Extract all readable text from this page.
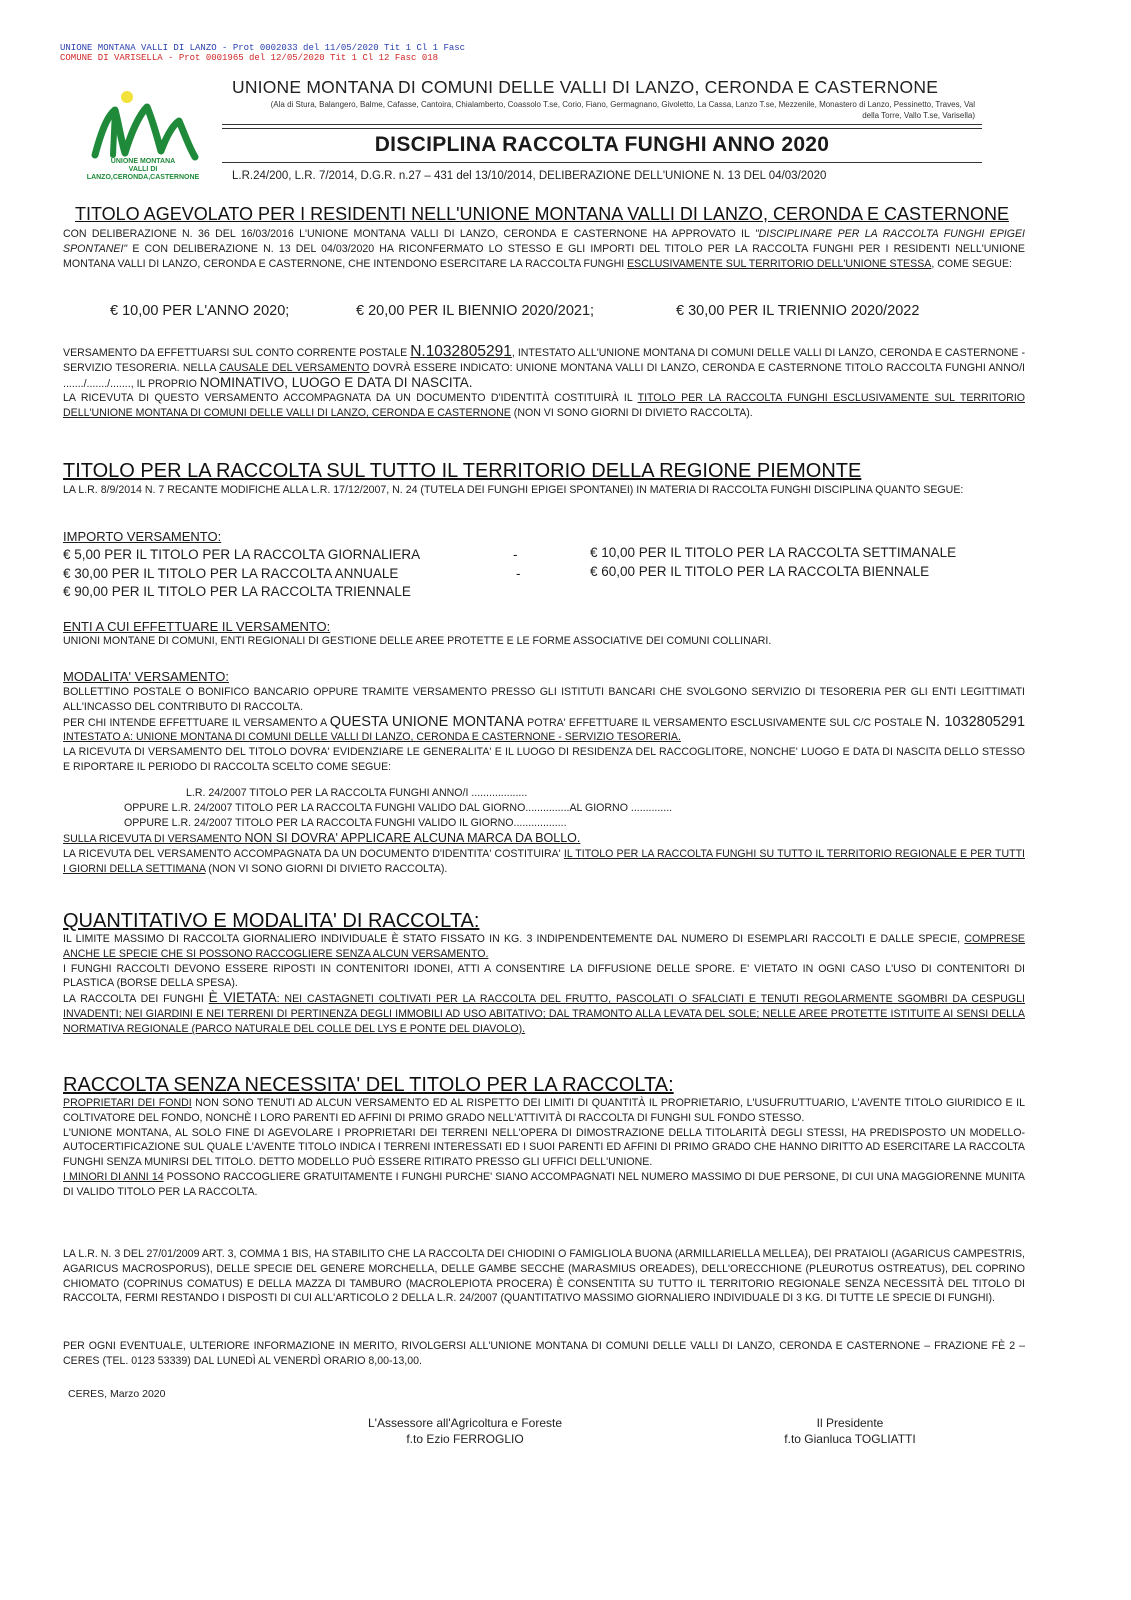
UNIONE MONTANA VALLI DI LANZO - Prot 0002033 del 11/05/2020 Tit 1 Cl 1 Fasc
COMUNE DI VARISELLA - Prot 0001965 del 12/05/2020 Tit 1 Cl 12 Fasc 018
UNIONE MONTANA
VALLI DI LANZO,CERONDA,CASTERNONE
UNIONE MONTANA DI COMUNI DELLE VALLI DI LANZO, CERONDA E CASTERNONE
(Ala di Stura, Balangero, Balme, Cafasse, Cantoira, Chialamberto, Coassolo T.se, Corio, Fiano, Germagnano, Givoletto, La Cassa, Lanzo T.se, Mezzenile, Monastero di Lanzo, Pessinetto, Traves, Val della Torre, Vallo T.se, Varisella)
DISCIPLINA RACCOLTA FUNGHI ANNO 2020
L.R.24/200, L.R. 7/2014, D.G.R. n.27 – 431 del 13/10/2014, DELIBERAZIONE DELL'UNIONE N. 13 DEL 04/03/2020
TITOLO AGEVOLATO PER I RESIDENTI NELL'UNIONE MONTANA VALLI DI LANZO, CERONDA E CASTERNONE
CON DELIBERAZIONE N. 36 DEL 16/03/2016 L'UNIONE MONTANA VALLI DI LANZO, CERONDA E CASTERNONE HA APPROVATO IL "DISCIPLINARE PER LA RACCOLTA FUNGHI EPIGEI SPONTANEI" E CON DELIBERAZIONE N. 13 DEL 04/03/2020 HA RICONFERMATO LO STESSO E GLI IMPORTI DEL TITOLO PER LA RACCOLTA FUNGHI PER I RESIDENTI NELL'UNIONE MONTANA VALLI DI LANZO, CERONDA E CASTERNONE, CHE INTENDONO ESERCITARE LA RACCOLTA FUNGHI ESCLUSIVAMENTE SUL TERRITORIO DELL'UNIONE STESSA, COME SEGUE:
€ 10,00 PER L'ANNO 2020;	€ 20,00 PER IL BIENNIO 2020/2021;	€ 30,00 PER IL TRIENNIO 2020/2022
VERSAMENTO DA EFFETTUARSI SUL CONTO CORRENTE POSTALE N.1032805291, INTESTATO ALL'UNIONE MONTANA DI COMUNI DELLE VALLI DI LANZO, CERONDA E CASTERNONE - SERVIZIO TESORERIA. NELLA CAUSALE DEL VERSAMENTO DOVRÀ ESSERE INDICATO: UNIONE MONTANA VALLI DI LANZO, CERONDA E CASTERNONE TITOLO RACCOLTA FUNGHI ANNO/I ......./......./......., IL PROPRIO NOMINATIVO, LUOGO E DATA DI NASCITA.
LA RICEVUTA DI QUESTO VERSAMENTO ACCOMPAGNATA DA UN DOCUMENTO D'IDENTITÀ COSTITUIRÀ IL TITOLO PER LA RACCOLTA FUNGHI ESCLUSIVAMENTE SUL TERRITORIO DELL'UNIONE MONTANA DI COMUNI DELLE VALLI DI LANZO, CERONDA E CASTERNONE (NON VI SONO GIORNI DI DIVIETO RACCOLTA).
TITOLO PER LA RACCOLTA SUL TUTTO IL TERRITORIO DELLA REGIONE PIEMONTE
LA L.R. 8/9/2014 N. 7 RECANTE MODIFICHE ALLA L.R. 17/12/2007, N. 24 (TUTELA DEI FUNGHI EPIGEI SPONTANEI) IN MATERIA DI RACCOLTA FUNGHI DISCIPLINA QUANTO SEGUE:
IMPORTO VERSAMENTO:
€ 5,00 PER IL TITOLO PER LA RACCOLTA GIORNALIERA	-	€ 10,00 PER IL TITOLO PER LA RACCOLTA SETTIMANALE
€ 30,00 PER IL TITOLO PER LA RACCOLTA ANNUALE	-	€ 60,00 PER IL TITOLO PER LA RACCOLTA BIENNALE
€ 90,00 PER IL TITOLO PER LA RACCOLTA TRIENNALE
ENTI A CUI EFFETTUARE IL VERSAMENTO:
UNIONI MONTANE DI COMUNI, ENTI REGIONALI DI GESTIONE DELLE AREE PROTETTE E LE FORME ASSOCIATIVE DEI COMUNI COLLINARI.
MODALITA' VERSAMENTO:
BOLLETTINO POSTALE O BONIFICO BANCARIO OPPURE TRAMITE VERSAMENTO PRESSO GLI ISTITUTI BANCARI CHE SVOLGONO SERVIZIO DI TESORERIA PER GLI ENTI LEGITTIMATI ALL'INCASSO DEL CONTRIBUTO DI RACCOLTA.
PER CHI INTENDE EFFETTUARE IL VERSAMENTO A QUESTA UNIONE MONTANA POTRA' EFFETTUARE IL VERSAMENTO ESCLUSIVAMENTE SUL C/C POSTALE N. 1032805291 INTESTATO A: UNIONE MONTANA DI COMUNI DELLE VALLI DI LANZO, CERONDA E CASTERNONE - SERVIZIO TESORERIA.
LA RICEVUTA DI VERSAMENTO DEL TITOLO DOVRA' EVIDENZIARE LE GENERALITA' E IL LUOGO DI RESIDENZA DEL RACCOGLITORE, NONCHE' LUOGO E DATA DI NASCITA DELLO STESSO E RIPORTARE IL PERIODO DI RACCOLTA SCELTO COME SEGUE:
L.R. 24/2007 TITOLO PER LA RACCOLTA FUNGHI ANNO/I ...................
OPPURE L.R. 24/2007 TITOLO PER LA RACCOLTA FUNGHI VALIDO DAL GIORNO...............AL GIORNO ..............
OPPURE L.R. 24/2007 TITOLO PER LA RACCOLTA FUNGHI VALIDO IL GIORNO..................
SULLA RICEVUTA DI VERSAMENTO NON SI DOVRA' APPLICARE ALCUNA MARCA DA BOLLO.
LA RICEVUTA DEL VERSAMENTO ACCOMPAGNATA DA UN DOCUMENTO D'IDENTITA' COSTITUIRA' IL TITOLO PER LA RACCOLTA FUNGHI SU TUTTO IL TERRITORIO REGIONALE E PER TUTTI I GIORNI DELLA SETTIMANA (NON VI SONO GIORNI DI DIVIETO RACCOLTA).
QUANTITATIVO E MODALITA' DI RACCOLTA:
IL LIMITE MASSIMO DI RACCOLTA GIORNALIERO INDIVIDUALE È STATO FISSATO IN KG. 3 INDIPENDENTEMENTE DAL NUMERO DI ESEMPLARI RACCOLTI E DALLE SPECIE, COMPRESE ANCHE LE SPECIE CHE SI POSSONO RACCOGLIERE SENZA ALCUN VERSAMENTO.
I FUNGHI RACCOLTI DEVONO ESSERE RIPOSTI IN CONTENITORI IDONEI, ATTI A CONSENTIRE LA DIFFUSIONE DELLE SPORE. E' VIETATO IN OGNI CASO L'USO DI CONTENITORI DI PLASTICA (BORSE DELLA SPESA).
LA RACCOLTA DEI FUNGHI È VIETATA: NEI CASTAGNETI COLTIVATI PER LA RACCOLTA DEL FRUTTO, PASCOLATI O SFALCIATI E TENUTI REGOLARMENTE SGOMBRI DA CESPUGLI INVADENTI; NEI GIARDINI E NEI TERRENI DI PERTINENZA DEGLI IMMOBILI AD USO ABITATIVO; DAL TRAMONTO ALLA LEVATA DEL SOLE; NELLE AREE PROTETTE ISTITUITE AI SENSI DELLA NORMATIVA REGIONALE (PARCO NATURALE DEL COLLE DEL LYS E PONTE DEL DIAVOLO).
RACCOLTA SENZA NECESSITA' DEL TITOLO PER LA RACCOLTA:
PROPRIETARI DEI FONDI NON SONO TENUTI AD ALCUN VERSAMENTO ED AL RISPETTO DEI LIMITI DI QUANTITÀ IL PROPRIETARIO, L'USUFRUTTUARIO, L'AVENTE TITOLO GIURIDICO E IL COLTIVATORE DEL FONDO, NONCHÈ I LORO PARENTI ED AFFINI DI PRIMO GRADO NELL'ATTIVITÀ DI RACCOLTA DI FUNGHI SUL FONDO STESSO.
L'UNIONE MONTANA, AL SOLO FINE DI AGEVOLARE I PROPRIETARI DEI TERRENI NELL'OPERA DI DIMOSTRAZIONE DELLA TITOLARITÀ DEGLI STESSI, HA PREDISPOSTO UN MODELLO-AUTOCERTIFICAZIONE SUL QUALE L'AVENTE TITOLO INDICA I TERRENI INTERESSATI ED I SUOI PARENTI ED AFFINI DI PRIMO GRADO CHE HANNO DIRITTO AD ESERCITARE LA RACCOLTA FUNGHI SENZA MUNIRSI DEL TITOLO. DETTO MODELLO PUÒ ESSERE RITIRATO PRESSO GLI UFFICI DELL'UNIONE.
I MINORI DI ANNI 14 POSSONO RACCOGLIERE GRATUITAMENTE I FUNGHI PURCHE' SIANO ACCOMPAGNATI NEL NUMERO MASSIMO DI DUE PERSONE, DI CUI UNA MAGGIORENNE MUNITA DI VALIDO TITOLO PER LA RACCOLTA.
LA L.R. N. 3 DEL 27/01/2009 ART. 3, COMMA 1 BIS, HA STABILITO CHE LA RACCOLTA DEI CHIODINI O FAMIGLIOLA BUONA (ARMILLARIELLA MELLEA), DEI PRATAIOLI (AGARICUS CAMPESTRIS, AGARICUS MACROSPORUS), DELLE SPECIE DEL GENERE MORCHELLA, DELLE GAMBE SECCHE (MARASMIUS OREADES), DELL'ORECCHIONE (PLEUROTUS OSTREATUS), DEL COPRINO CHIOMATO (COPRINUS COMATUS) E DELLA MAZZA DI TAMBURO (MACROLEPIOTA PROCERA) È CONSENTITA SU TUTTO IL TERRITORIO REGIONALE SENZA NECESSITÀ DEL TITOLO DI RACCOLTA, FERMI RESTANDO I DISPOSTI DI CUI ALL'ARTICOLO 2 DELLA L.R. 24/2007 (QUANTITATIVO MASSIMO GIORNALIERO INDIVIDUALE DI 3 KG. DI TUTTE LE SPECIE DI FUNGHI).
PER OGNI EVENTUALE, ULTERIORE INFORMAZIONE IN MERITO, RIVOLGERSI ALL'UNIONE MONTANA DI COMUNI DELLE VALLI DI LANZO, CERONDA E CASTERNONE – FRAZIONE FÈ 2 – CERES (TEL. 0123 53339) DAL LUNEDÌ AL VENERDÌ ORARIO 8,00-13,00.
CERES, Marzo 2020
L'Assessore all'Agricoltura e Foreste
f.to Ezio FERROGLIO
Il Presidente
f.to Gianluca TOGLIATTI
